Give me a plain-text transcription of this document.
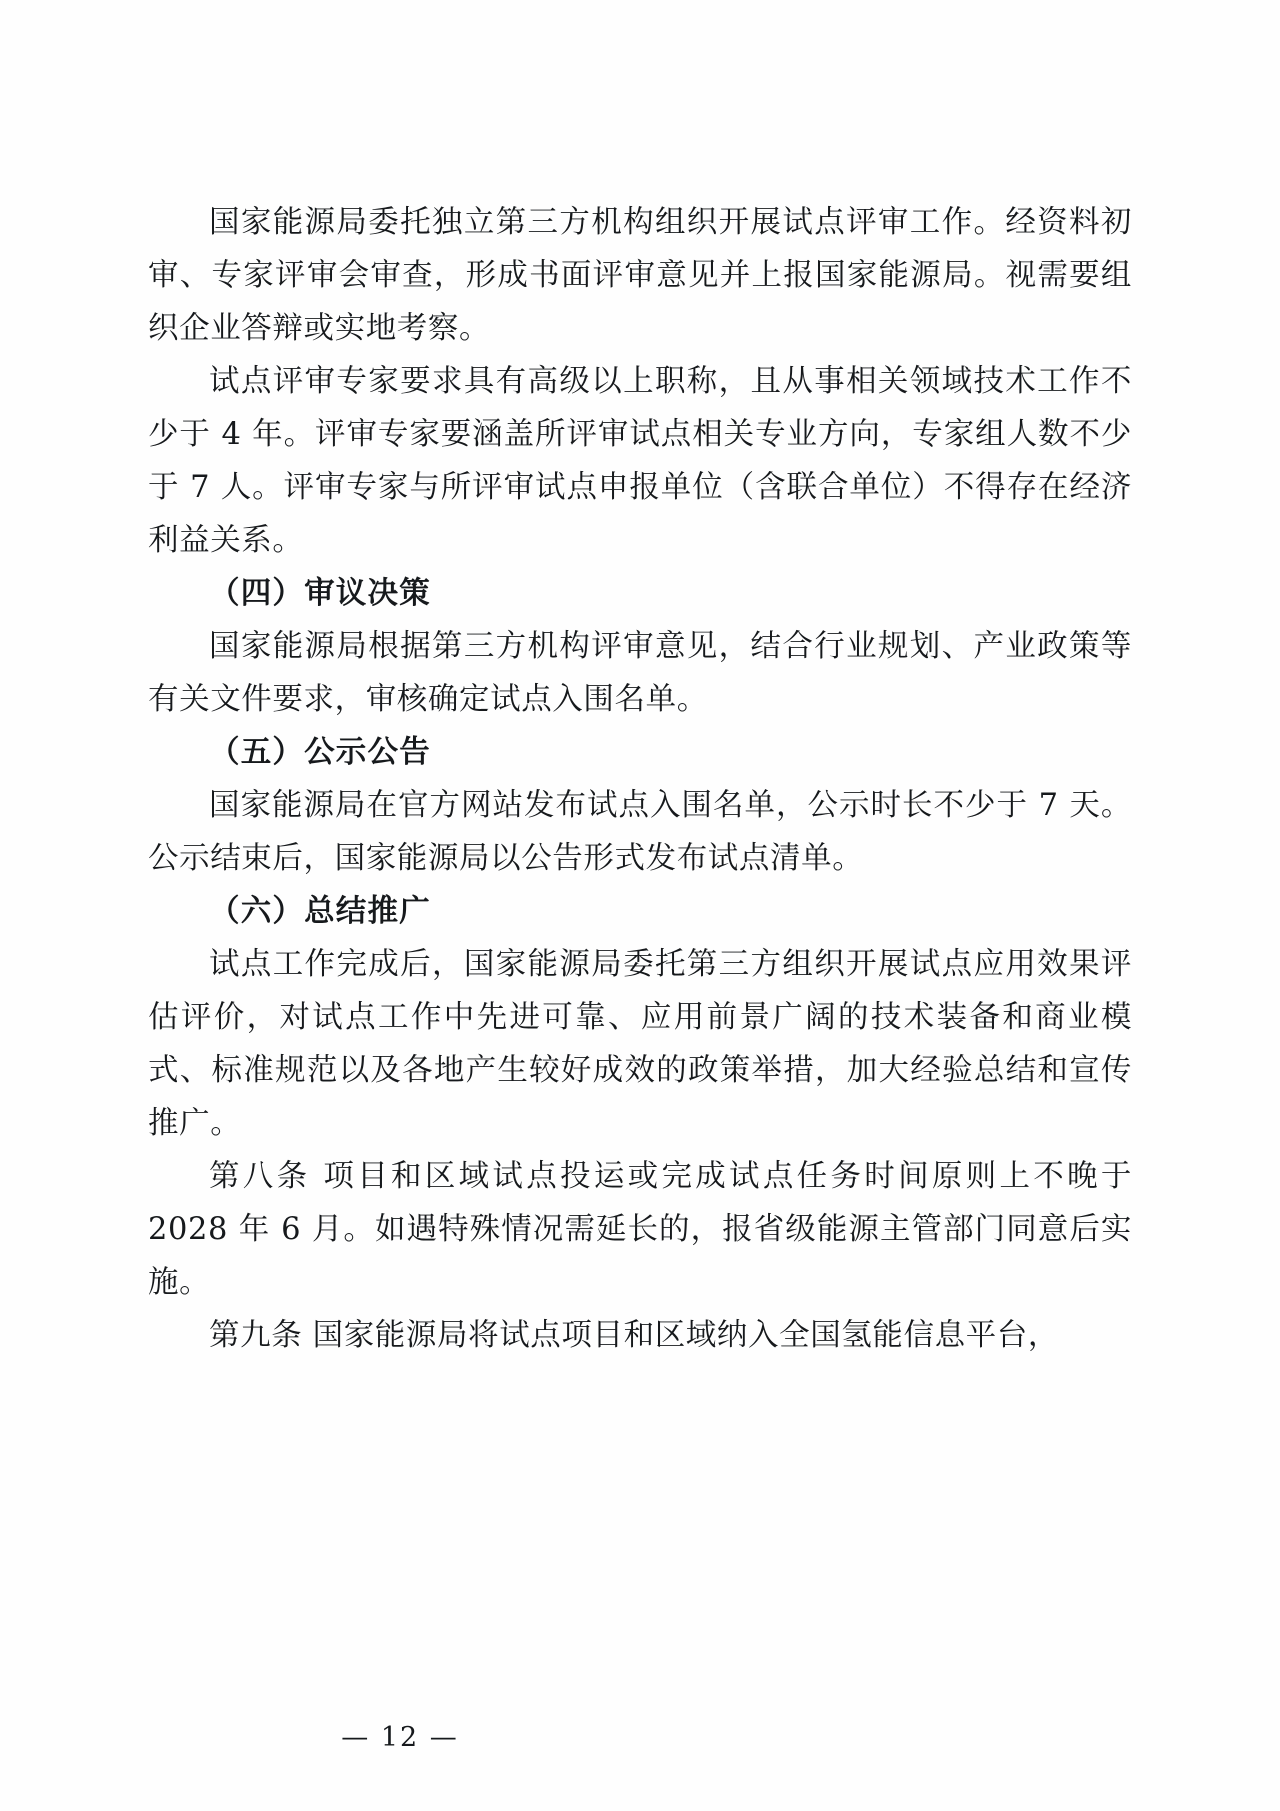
国家能源局委托独立第三方机构组织开展试点评审工作。经资料初审、专家评审会审查，形成书面评审意见并上报国家能源局。视需要组织企业答辩或实地考察。

试点评审专家要求具有高级以上职称，且从事相关领域技术工作不少于 4 年。评审专家要涵盖所评审试点相关专业方向，专家组人数不少于 7 人。评审专家与所评审试点申报单位（含联合单位）不得存在经济利益关系。

（四）审议决策

国家能源局根据第三方机构评审意见，结合行业规划、产业政策等有关文件要求，审核确定试点入围名单。

（五）公示公告

国家能源局在官方网站发布试点入围名单，公示时长不少于 7 天。公示结束后，国家能源局以公告形式发布试点清单。

（六）总结推广

试点工作完成后，国家能源局委托第三方组织开展试点应用效果评估评价，对试点工作中先进可靠、应用前景广阔的技术装备和商业模式、标准规范以及各地产生较好成效的政策举措，加大经验总结和宣传推广。

第八条 项目和区域试点投运或完成试点任务时间原则上不晚于 2028 年 6 月。如遇特殊情况需延长的，报省级能源主管部门同意后实施。

第九条 国家能源局将试点项目和区域纳入全国氢能信息平台，

— 12 —
